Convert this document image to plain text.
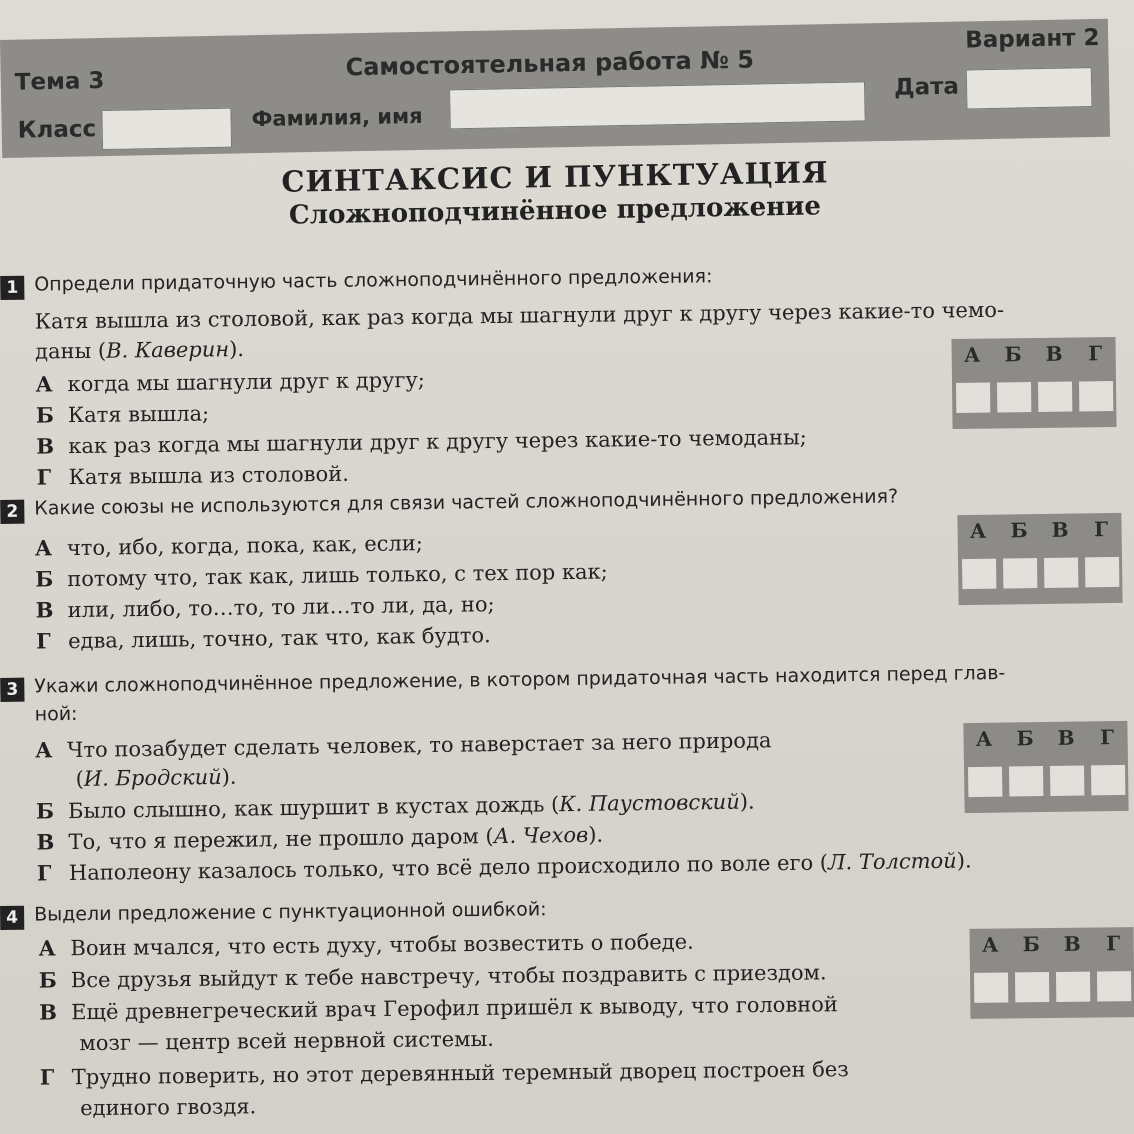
Тема 3
Самостоятельная работа № 5
Вариант 2
Класс	Фамилия, имя
Дата
СИНТАКСИС И ПУНКТУАЦИЯ
Сложноподчинённое предложение
1 Определи придаточную часть сложноподчинённого предложения:
Катя вышла из столовой, как раз когда мы шагнули друг к другу через какие-то чемо-
даны (В. Каверин).
А когда мы шагнули друг к другу;
Б Катя вышла;
В как раз когда мы шагнули друг к другу через какие-то чемоданы;
Г Катя вышла из столовой.
А	Б	В	Г
2 Какие союзы не используются для связи частей сложноподчинённого предложения?
А что, ибо, когда, пока, как, если;
Б потому что, так как, лишь только, с тех пор как;
В или, либо, то…то, то ли…то ли, да, но;
Г едва, лишь, точно, так что, как будто.
А	Б	В	Г
3 Укажи сложноподчинённое предложение, в котором придаточная часть находится перед глав-
ной:
А Что позабудет сделать человек, то наверстает за него природа
(И. Бродский).
Б Было слышно, как шуршит в кустах дождь (К. Паустовский).
В То, что я пережил, не прошло даром (А. Чехов).
Г Наполеону казалось только, что всё дело происходило по воле его (Л. Толстой).
А	Б	В	Г
4 Выдели предложение с пунктуационной ошибкой:
А Воин мчался, что есть духу, чтобы возвестить о победе.
Б Все друзья выйдут к тебе навстречу, чтобы поздравить с приездом.
В Ещё древнегреческий врач Герофил пришёл к выводу, что головной
мозг — центр всей нервной системы.
Г Трудно поверить, но этот деревянный теремный дворец построен без
единого гвоздя.
А	Б	В	Г
